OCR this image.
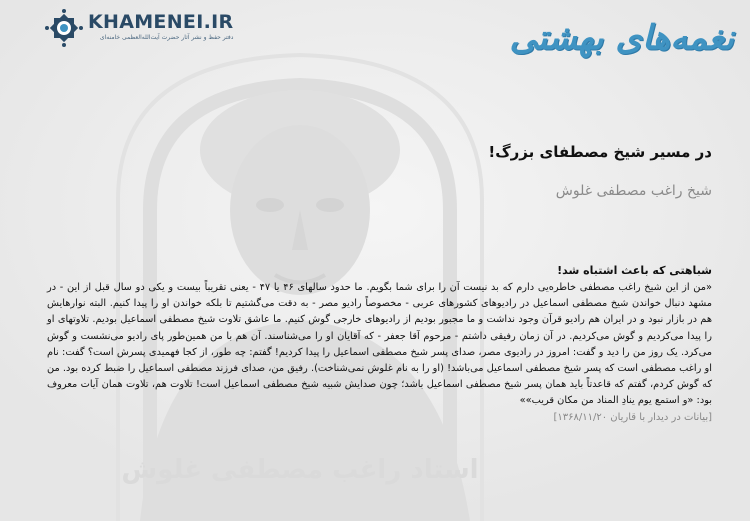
استاد راغب مصطفی غلوش
KHAMENEI.IR
دفتر حفظ و نشر آثار حضرت آیت‌الله‌العظمی خامنه‌ای	نغمه‌های بهشتی
در مسیر شیخ مصطفای بزرگ!
شیخ راغب مصطفی غلوش
شباهتی که باعث اشتباه شد!

«من از این شیخ راغب مصطفی خاطره‌یی دارم که بد نیست آن را برای شما بگویم. ما حدود سالهای ۴۶ یا ۴۷ - یعنی تقریباً بیست و یکی دو سال قبل از این - در مشهد دنبال خواندن شیخ مصطفی اسماعیل در رادیوهای کشورهای عربی - مخصوصاً رادیو مصر - به دقت می‌گشتیم تا بلکه خواندن او را پیدا کنیم. البته نوارهایش هم در بازار نبود و در ایران هم رادیو قرآن وجود نداشت و ما مجبور بودیم از رادیوهای خارجی گوش کنیم. ما عاشق تلاوت شیخ مصطفی اسماعیل بودیم. تلاوتهای او را پیدا می‌کردیم و گوش می‌کردیم. در آن زمان رفیقی داشتم - مرحوم آقا جعفر - که آقایان او را می‌شناسند. آن هم با من همین‌طور پای رادیو می‌نشست و گوش می‌کرد. یک روز من را دید و گفت: امروز در رادیوی مصر، صدای پسر شیخ مصطفی اسماعیل را پیدا کردیم! گفتم: چه طور، از کجا فهمیدی پسرش است؟ گفت: نام او راغب مصطفی است که پسر شیخ مصطفی اسماعیل می‌باشد! (او را به نام غلوش نمی‌شناخت). رفیق من، صدای فرزند مصطفی اسماعیل را ضبط کرده بود. من که گوش کردم، گفتم که قاعدتاً باید همان پسر شیخ مصطفی اسماعیل باشد؛ چون صدایش شبیه شیخ مصطفی اسماعیل است! تلاوت هم، تلاوت همان آیات معروف بود: «و استمع یوم ینادِ المناد من مکان قریب»»

[بیانات در دیدار با قاریان ۱۳۶۸/۱۱/۲۰]
